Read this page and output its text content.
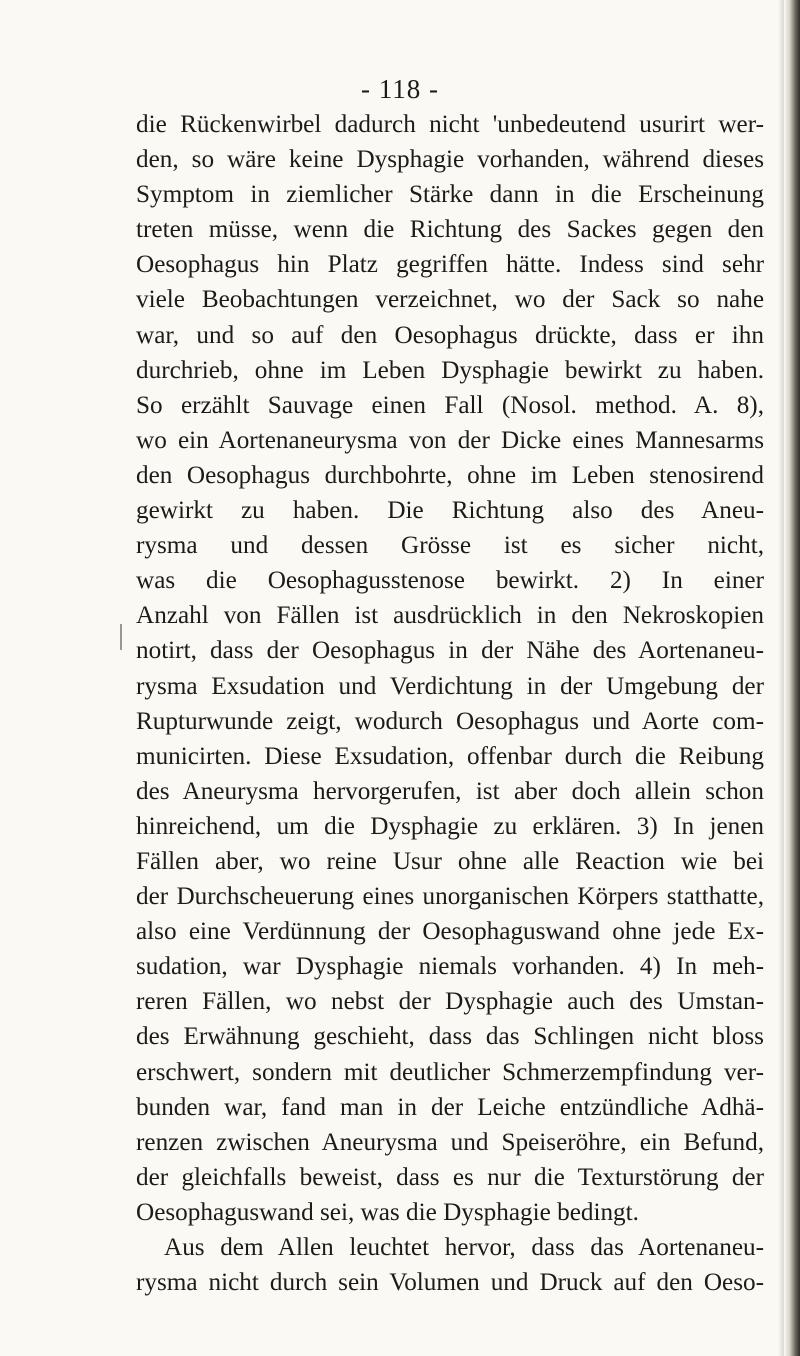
- 118 -
die Rückenwirbel dadurch nicht 'unbedeutend usurirt wer-
den, so wäre keine Dysphagie vorhanden, während dieses
Symptom in ziemlicher Stärke dann in die Erscheinung
treten müsse, wenn die Richtung des Sackes gegen den
Oesophagus hin Platz gegriffen hätte. Indess sind sehr
viele Beobachtungen verzeichnet, wo der Sack so nahe
war, und so auf den Oesophagus drückte, dass er ihn
durchrieb, ohne im Leben Dysphagie bewirkt zu haben.
So erzählt Sauvage einen Fall (Nosol. method. A. 8),
wo ein Aortenaneurysma von der Dicke eines Mannesarms
den Oesophagus durchbohrte, ohne im Leben stenosirend
gewirkt zu haben. Die Richtung also des Aneu-
rysma und dessen Grösse ist es sicher nicht,
was die Oesophagusstenose bewirkt. 2) In einer
Anzahl von Fällen ist ausdrücklich in den Nekroskopien
notirt, dass der Oesophagus in der Nähe des Aortenaneu-
rysma Exsudation und Verdichtung in der Umgebung der
Rupturwunde zeigt, wodurch Oesophagus und Aorte com-
municirten. Diese Exsudation, offenbar durch die Reibung
des Aneurysma hervorgerufen, ist aber doch allein schon
hinreichend, um die Dysphagie zu erklären. 3) In jenen
Fällen aber, wo reine Usur ohne alle Reaction wie bei
der Durchscheuerung eines unorganischen Körpers statthatte,
also eine Verdünnung der Oesophaguswand ohne jede Ex-
sudation, war Dysphagie niemals vorhanden. 4) In meh-
reren Fällen, wo nebst der Dysphagie auch des Umstan-
des Erwähnung geschieht, dass das Schlingen nicht bloss
erschwert, sondern mit deutlicher Schmerzempfindung ver-
bunden war, fand man in der Leiche entzündliche Adhä-
renzen zwischen Aneurysma und Speiseröhre, ein Befund,
der gleichfalls beweist, dass es nur die Texturstörung der
Oesophaguswand sei, was die Dysphagie bedingt.
Aus dem Allen leuchtet hervor, dass das Aortenaneu-
rysma nicht durch sein Volumen und Druck auf den Oeso-
